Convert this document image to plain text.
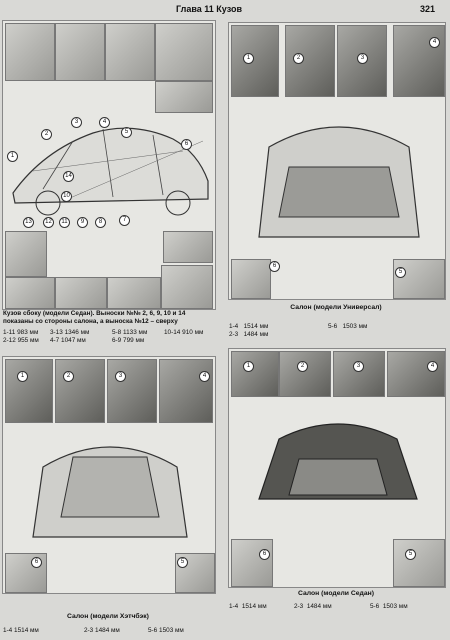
Глава 11 Кузов	321
1
2
3	4
5
6
7
8
9
10
11
12
13
14
Кузов сбоку (модели Седан). Выноски №№ 2, 6, 9, 10 и 14 показаны со стороны салона, а выноска №12 – сверху
1-11 983 мм 3-13 1346 мм	5-8 1133 мм	10-14 910 мм
2-12 955 мм 4-7 1047 мм	6-9 799 мм
1	2	3
4
5
6
Салон (модели Универсал)
1-4 1514 мм	5-6 1503 мм
2-3 1484 мм
1	2	3	4
5
6
Салон (модели Хэтчбэк)
1-4 1514 мм	2-3 1484 мм	5-6 1503 мм
1	2	3	4
5
6
Салон (модели Седан)
1-4 1514 мм	2-3 1484 мм	5-6 1503 мм
